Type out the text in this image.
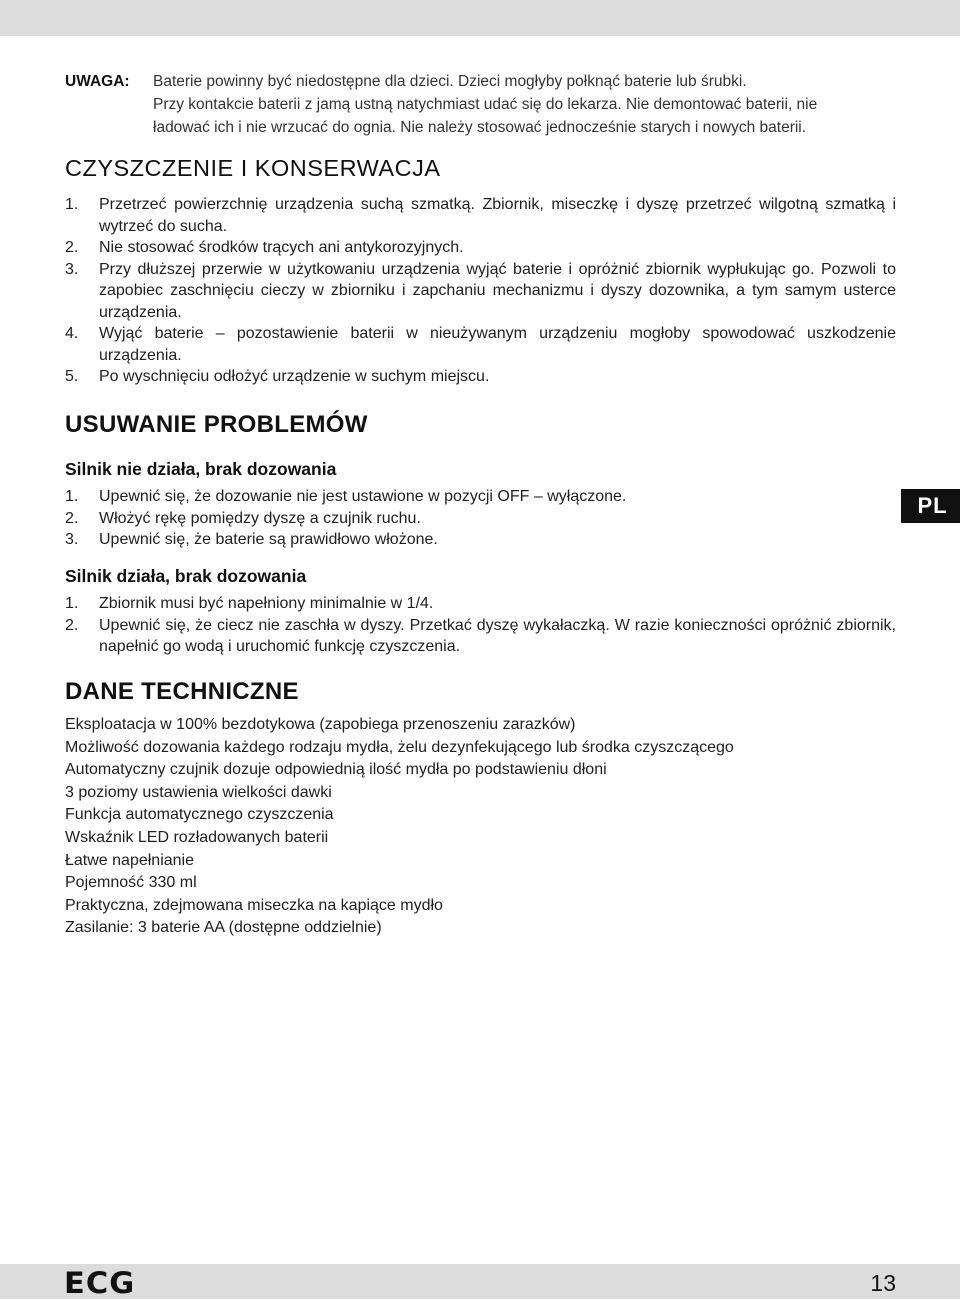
UWAGA: Baterie powinny być niedostępne dla dzieci. Dzieci mogłyby połknąć baterie lub śrubki.
Przy kontakcie baterii z jamą ustną natychmiast udać się do lekarza. Nie demontować baterii, nie
ładować ich i nie wrzucać do ognia. Nie należy stosować jednocześnie starych i nowych baterii.
CZYSZCZENIE I KONSERWACJA
1. Przetrzeć powierzchnię urządzenia suchą szmatką. Zbiornik, miseczkę i dyszę przetrzeć wilgotną szmatką i wytrzeć do sucha.
2. Nie stosować środków trących ani antykorozyjnych.
3. Przy dłuższej przerwie w użytkowaniu urządzenia wyjąć baterie i opróżnić zbiornik wypłukując go. Pozwoli to zapobiec zaschnięciu cieczy w zbiorniku i zapchaniu mechanizmu i dyszy dozownika, a tym samym usterce urządzenia.
4. Wyjąć baterie – pozostawienie baterii w nieużywanym urządzeniu mogłoby spowodować uszkodzenie urządzenia.
5. Po wyschnięciu odłożyć urządzenie w suchym miejscu.
USUWANIE PROBLEMÓW
Silnik nie działa, brak dozowania
1. Upewnić się, że dozowanie nie jest ustawione w pozycji OFF – wyłączone.
2. Włożyć rękę pomiędzy dyszę a czujnik ruchu.
3. Upewnić się, że baterie są prawidłowo włożone.
Silnik działa, brak dozowania
1. Zbiornik musi być napełniony minimalnie w 1/4.
2. Upewnić się, że ciecz nie zaschła w dyszy. Przetkać dyszę wykałaczką. W razie konieczności opróżnić zbiornik, napełnić go wodą i uruchomić funkcję czyszczenia.
DANE TECHNICZNE
Eksploatacja w 100% bezdotykowa (zapobiega przenoszeniu zarazków)
Możliwość dozowania każdego rodzaju mydła, żelu dezynfekującego lub środka czyszczącego
Automatyczny czujnik dozuje odpowiednią ilość mydła po podstawieniu dłoni
3 poziomy ustawienia wielkości dawki
Funkcja automatycznego czyszczenia
Wskaźnik LED rozładowanych baterii
Łatwe napełnianie
Pojemność 330 ml
Praktyczna, zdejmowana miseczka na kapiące mydło
Zasilanie: 3 baterie AA (dostępne oddzielnie)
PL
ECG	13
